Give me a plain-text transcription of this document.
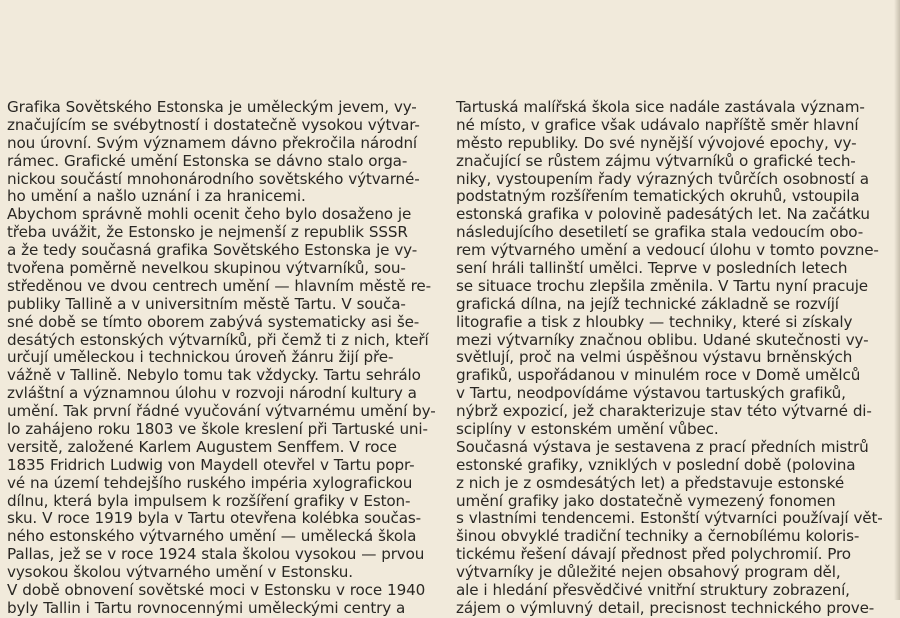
Grafika Sovětského Estonska je uměleckým jevem, vy-
značujícím se svébytností i dostatečně vysokou výtvar-
nou úrovní. Svým významem dávno překročila národní
rámec. Grafické umění Estonska se dávno stalo orga-
nickou součástí mnohonárodního sovětského výtvarné-
ho umění a našlo uznání i za hranicemi.
Abychom správně mohli ocenit čeho bylo dosaženo je
třeba uvážit, že Estonsko je nejmenší z republik SSSR
a že tedy současná grafika Sovětského Estonska je vy-
tvořena poměrně nevelkou skupinou výtvarníků, sou-
středěnou ve dvou centrech umění — hlavním městě re-
publiky Tallině a v universitním městě Tartu. V souča-
sné době se tímto oborem zabývá systematicky asi še-
desátých estonských výtvarníků, při čemž ti z nich, kteří
určují uměleckou i technickou úroveň žánru žijí pře-
vážně v Tallině. Nebylo tomu tak vždycky. Tartu sehrálo
zvláštní a významnou úlohu v rozvoji národní kultury a
umění. Tak první řádné vyučování výtvarnému umění by-
lo zahájeno roku 1803 ve škole kreslení při Tartuské uni-
versitě, založené Karlem Augustem Senffem. V roce
1835 Fridrich Ludwig von Maydell otevřel v Tartu popr-
vé na území tehdejšího ruského impéria xylografickou
dílnu, která byla impulsem k rozšíření grafiky v Eston-
sku. V roce 1919 byla v Tartu otevřena kolébka součas-
ného estonského výtvarného umění — umělecká škola
Pallas, jež se v roce 1924 stala školou vysokou — prvou
vysokou školou výtvarného umění v Estonsku.
V době obnovení sovětské moci v Estonsku v roce 1940
byly Tallin i Tartu rovnocennými uměleckými centry a
Tartuská malířská škola sice nadále zastávala význam-
né místo, v grafice však udávalo napříště směr hlavní
město republiky. Do své nynější vývojové epochy, vy-
značující se růstem zájmu výtvarníků o grafické tech-
niky, vystoupením řady výrazných tvůrčích osobností a
podstatným rozšířením tematických okruhů, vstoupila
estonská grafika v polovině padesátých let. Na začátku
následujícího desetiletí se grafika stala vedoucím obo-
rem výtvarného umění a vedoucí úlohu v tomto povzne-
sení hráli tallinští umělci. Teprve v posledních letech
se situace trochu zlepšila změnila. V Tartu nyní pracuje
grafická dílna, na jejíž technické základně se rozvíjí
litografie a tisk z hloubky — techniky, které si získaly
mezi výtvarníky značnou oblibu. Udané skutečnosti vy-
světlují, proč na velmi úspěšnou výstavu brněnských
grafiků, uspořádanou v minulém roce v Domě umělců
v Tartu, neodpovídáme výstavou tartuských grafiků,
nýbrž expozicí, jež charakterizuje stav této výtvarné di-
sciplíny v estonském umění vůbec.
Současná výstava je sestavena z prací předních mistrů
estonské grafiky, vzniklých v poslední době (polovina
z nich je z osmdesátých let) a představuje estonské
umění grafiky jako dostatečně vymezený fonomen
s vlastními tendencemi. Estonští výtvarníci používají vět-
šinou obvyklé tradiční techniky a černobílému koloris-
tickému řešení dávají přednost před polychromií. Pro
výtvarníky je důležité nejen obsahový program děl,
ale i hledání přesvědčivé vnitřní struktury zobrazení,
zájem o výmluvný detail, precisnost technického prove-
